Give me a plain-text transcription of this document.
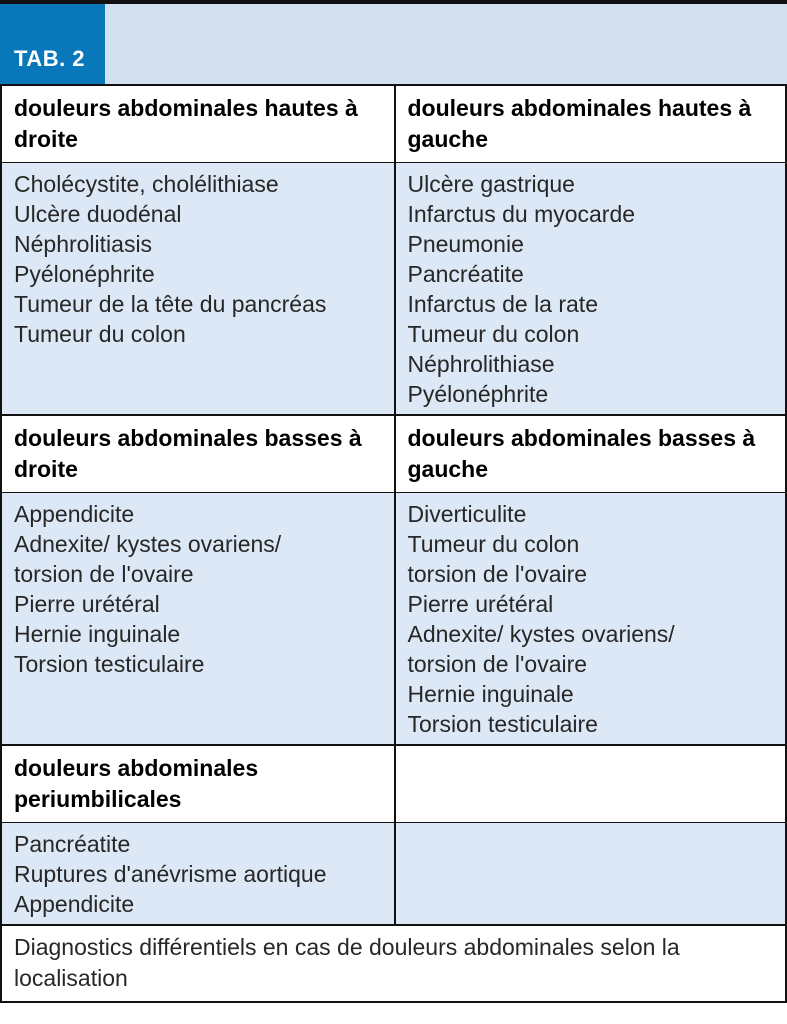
TAB. 2
douleurs abdominales hautes à droite
douleurs abdominales hautes à gauche
Cholécystite, cholélithiase
Ulcère duodénal
Néphrolitiasis
Pyélonéphrite
Tumeur de la tête du pancréas
Tumeur du colon
Ulcère gastrique
Infarctus du myocarde
Pneumonie
Pancréatite
Infarctus de la rate
Tumeur du colon
Néphrolithiase
Pyélonéphrite
douleurs abdominales basses à droite
douleurs abdominales basses à gauche
Appendicite
Adnexite/ kystes ovariens/
torsion de l'ovaire
Pierre urétéral
Hernie inguinale
Torsion testiculaire
Diverticulite
Tumeur du colon
torsion de l'ovaire
Pierre urétéral
Adnexite/ kystes ovariens/
torsion de l'ovaire
Hernie inguinale
Torsion testiculaire
douleurs abdominales periumbilicales
Pancréatite
Ruptures d'anévrisme aortique
Appendicite
Diagnostics différentiels en cas de douleurs abdominales selon la localisation
